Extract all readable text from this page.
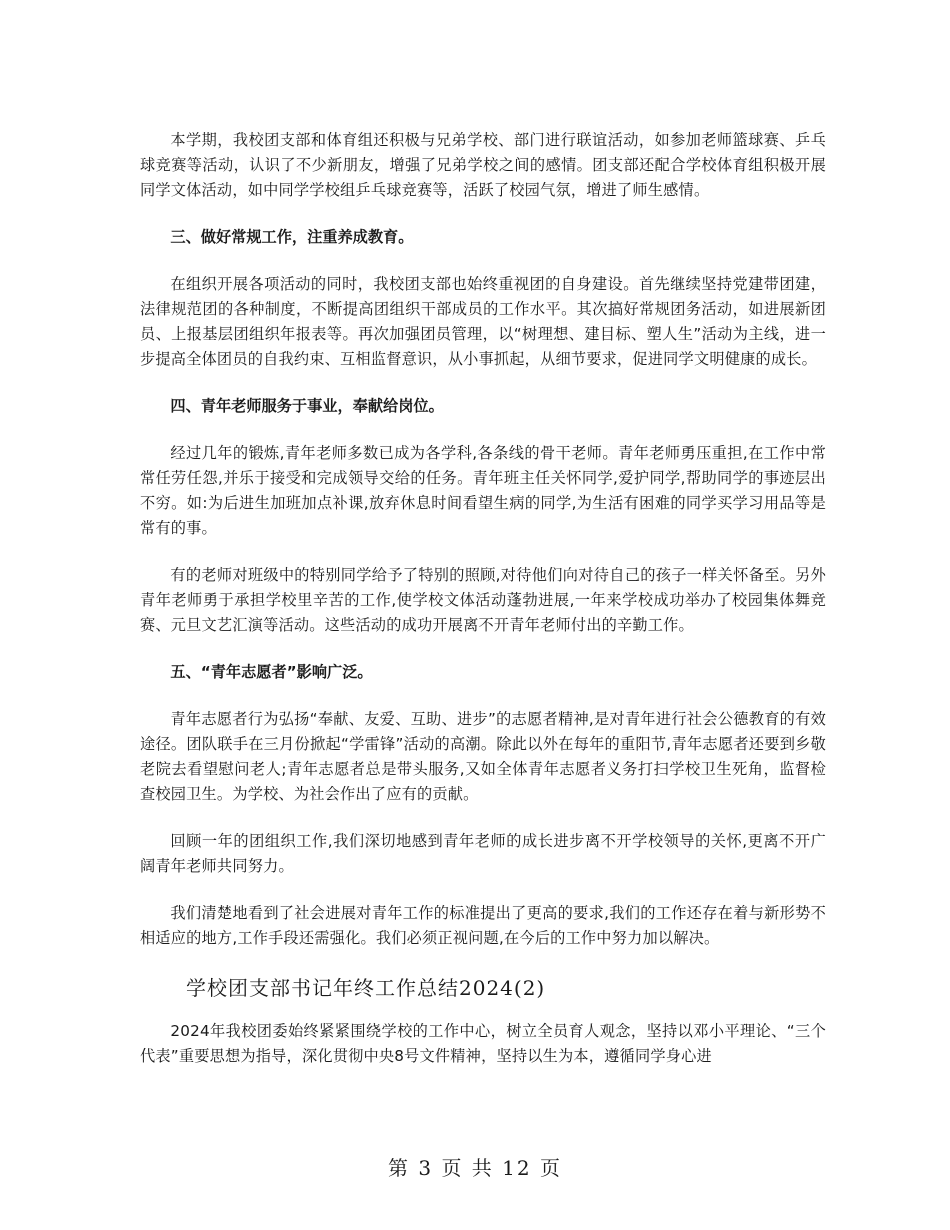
本学期，我校团支部和体育组还积极与兄弟学校、部门进行联谊活动，如参加老师篮球赛、乒乓球竞赛等活动，认识了不少新朋友，增强了兄弟学校之间的感情。团支部还配合学校体育组积极开展同学文体活动，如中同学学校组乒乓球竞赛等，活跃了校园气氛，增进了师生感情。

三、做好常规工作，注重养成教育。

在组织开展各项活动的同时，我校团支部也始终重视团的自身建设。首先继续坚持党建带团建，法律规范团的各种制度，不断提高团组织干部成员的工作水平。其次搞好常规团务活动，如进展新团员、上报基层团组织年报表等。再次加强团员管理，以“树理想、建目标、塑人生”活动为主线，进一步提高全体团员的自我约束、互相监督意识，从小事抓起，从细节要求，促进同学文明健康的成长。

四、青年老师服务于事业，奉献给岗位。

经过几年的锻炼,青年老师多数已成为各学科,各条线的骨干老师。青年老师勇压重担,在工作中常常任劳任怨,并乐于接受和完成领导交给的任务。青年班主任关怀同学,爱护同学,帮助同学的事迹层出不穷。如:为后进生加班加点补课,放弃休息时间看望生病的同学,为生活有困难的同学买学习用品等是常有的事。

有的老师对班级中的特别同学给予了特别的照顾,对待他们向对待自己的孩子一样关怀备至。另外青年老师勇于承担学校里辛苦的工作,使学校文体活动蓬勃进展,一年来学校成功举办了校园集体舞竞赛、元旦文艺汇演等活动。这些活动的成功开展离不开青年老师付出的辛勤工作。

五、“青年志愿者”影响广泛。

青年志愿者行为弘扬“奉献、友爱、互助、进步”的志愿者精神,是对青年进行社会公德教育的有效途径。团队联手在三月份掀起“学雷锋”活动的高潮。除此以外在每年的重阳节,青年志愿者还要到乡敬老院去看望慰问老人;青年志愿者总是带头服务,又如全体青年志愿者义务打扫学校卫生死角，监督检查校园卫生。为学校、为社会作出了应有的贡献。

回顾一年的团组织工作,我们深切地感到青年老师的成长进步离不开学校领导的关怀,更离不开广阔青年老师共同努力。

我们清楚地看到了社会进展对青年工作的标准提出了更高的要求,我们的工作还存在着与新形势不相适应的地方,工作手段还需强化。我们必须正视问题,在今后的工作中努力加以解决。

学校团支部书记年终工作总结2024(2)

2024年我校团委始终紧紧围绕学校的工作中心，树立全员育人观念，坚持以邓小平理论、“三个代表”重要思想为指导，深化贯彻中央8号文件精神，坚持以生为本，遵循同学身心进

第 3 页 共 12 页
